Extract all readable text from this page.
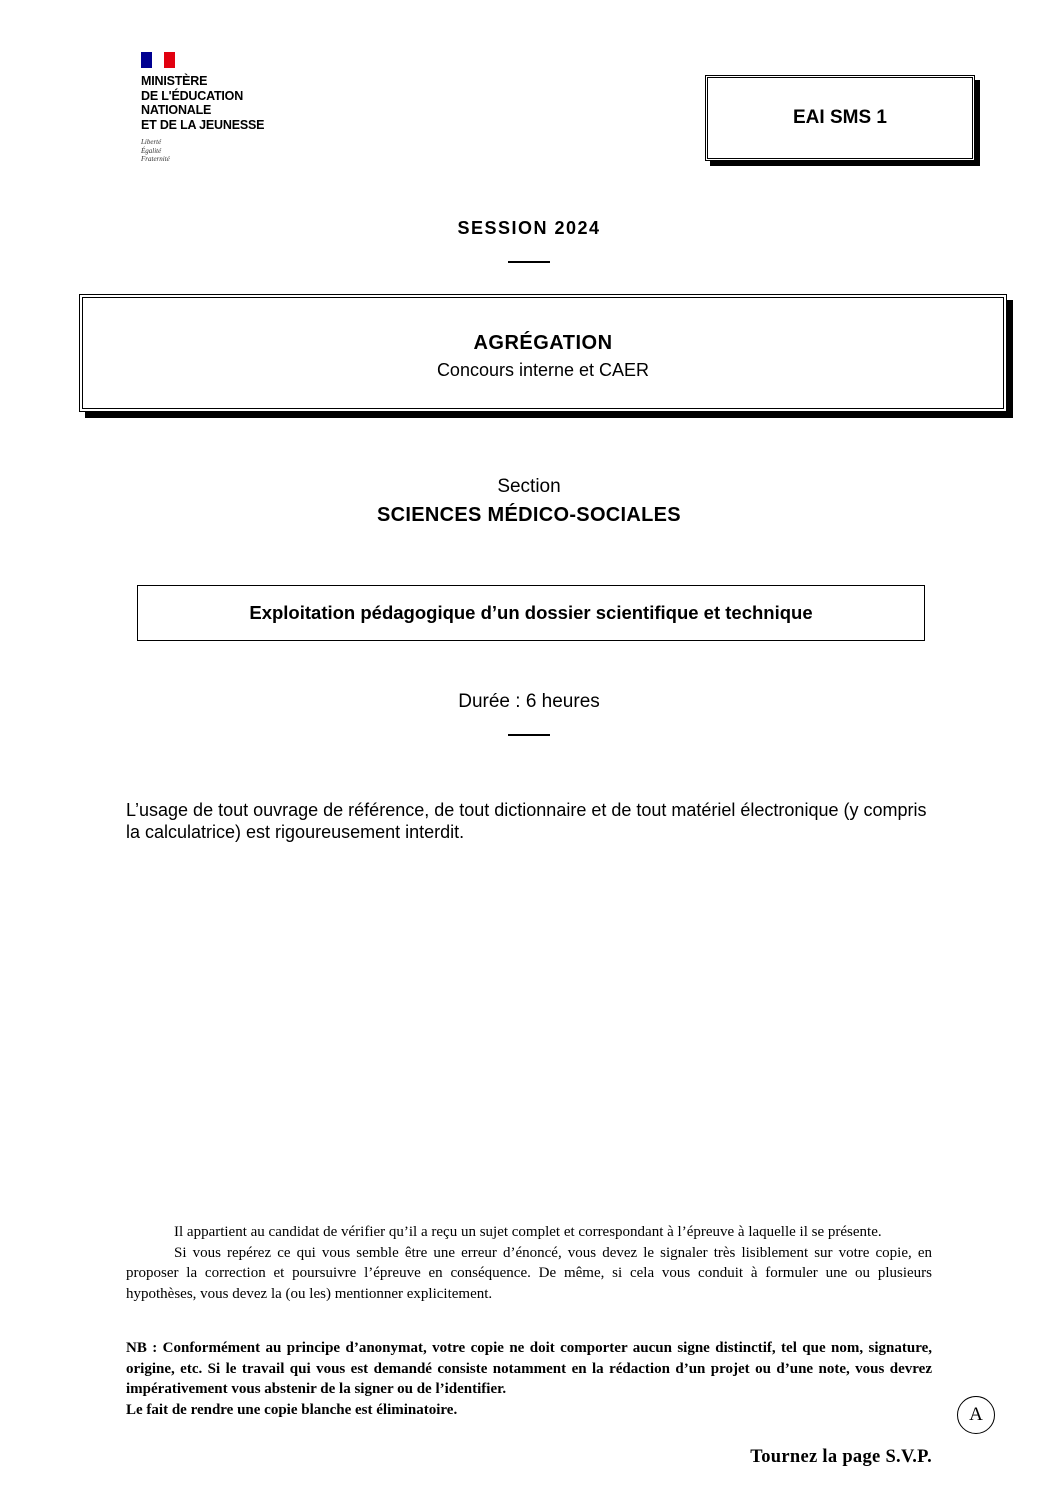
MINISTÈRE
DE L'ÉDUCATION
NATIONALE
ET DE LA JEUNESSE
Liberté
Égalité
Fraternité
EAI SMS 1
SESSION 2024
AGRÉGATION
Concours interne et CAER
Section
SCIENCES MÉDICO-SOCIALES
Exploitation pédagogique d’un dossier scientifique et technique
Durée : 6 heures
L’usage de tout ouvrage de référence, de tout dictionnaire et de tout matériel électronique (y compris la calculatrice) est rigoureusement interdit.

Il appartient au candidat de vérifier qu’il a reçu un sujet complet et correspondant à l’épreuve à laquelle il se présente.

Si vous repérez ce qui vous semble être une erreur d’énoncé, vous devez le signaler très lisiblement sur votre copie, en proposer la correction et poursuivre l’épreuve en conséquence. De même, si cela vous conduit à formuler une ou plusieurs hypothèses, vous devez la (ou les) mentionner explicitement.

NB : Conformément au principe d’anonymat, votre copie ne doit comporter aucun signe distinctif, tel que nom, signature, origine, etc. Si le travail qui vous est demandé consiste notamment en la rédaction d’un projet ou d’une note, vous devrez impérativement vous abstenir de la signer ou de l’identifier.

Le fait de rendre une copie blanche est éliminatoire.	A
Tournez la page S.V.P.
